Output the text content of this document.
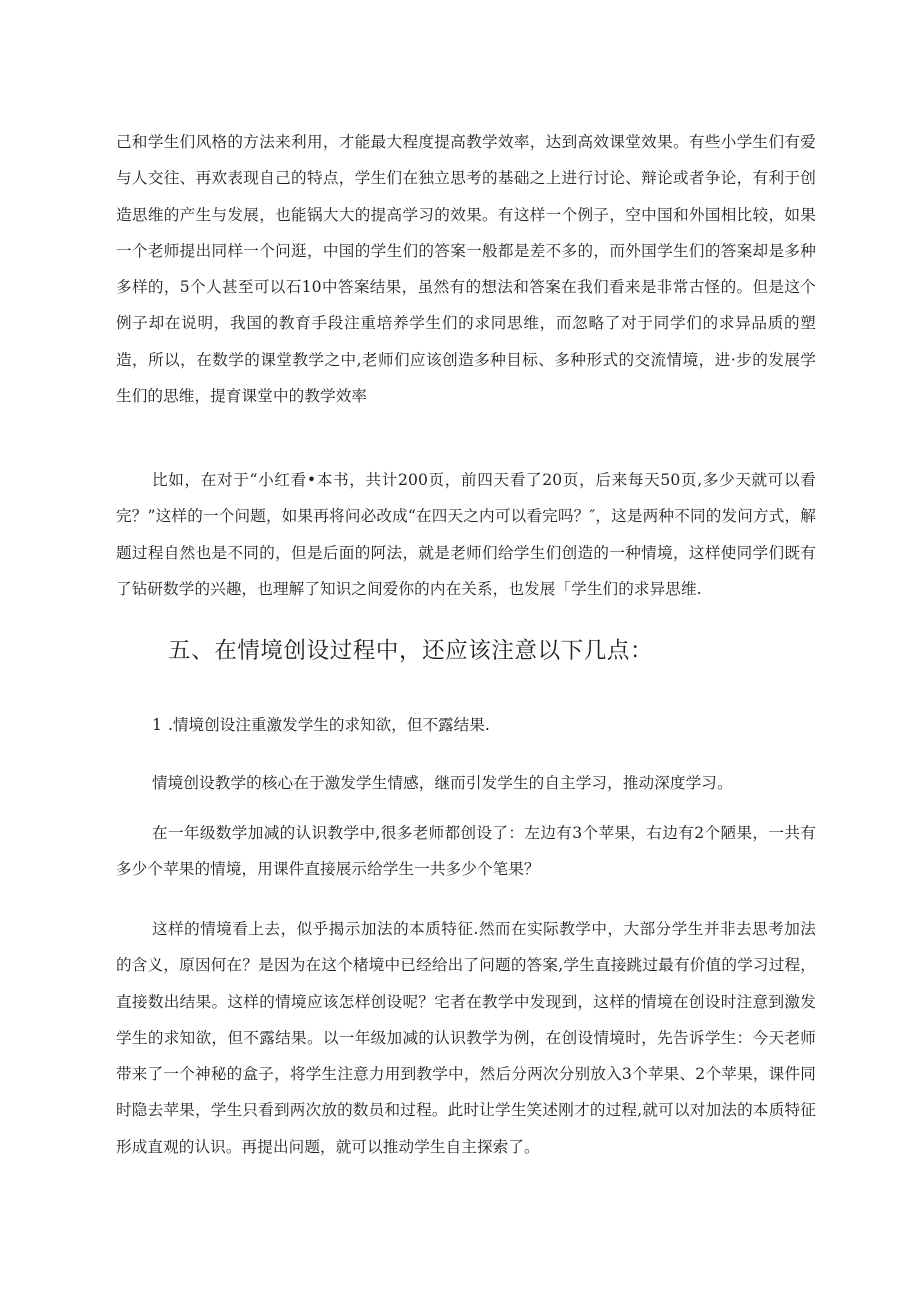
己和学生们风格的方法来利用，才能最大程度提高教学效率，达到高效课堂效果。有些小学生们有爱与人交往、再欢表现自己的特点，学生们在独立思考的基础之上进行讨论、辩论或者争论，有利于创造思维的产生与发展，也能锅大大的提高学习的效果。有这样一个例子，空中国和外国相比较，如果一个老师提出同样一个问逛，中国的学生们的答案一般都是差不多的，而外国学生们的答案却是多种多样的，5个人甚至可以石10中答案结果，虽然有的想法和答案在我们看来是非常古怪的。但是这个例子却在说明，我国的教育手段注重培养学生们的求同思维，而忽略了对于同学们的求异品质的塑造，所以，在数学的课堂教学之中,老师们应该创造多种目标、多种形式的交流情境，进·步的发展学生们的思维，提育课堂中的教学效率

比如，在对于“小红看•本书，共计200页，前四天看了20页，后来每天50页,多少天就可以看完？”这样的一个问题，如果再将问必改成“在四天之内可以看完吗？″，这是两种不同的发问方式，解题过程自然也是不同的，但是后面的阿法，就是老师们给学生们创造的一种情境，这样使同学们既有了钻研数学的兴趣，也理解了知识之间爱你的内在关系，也发展「学生们的求异思维.

五、在情境创设过程中，还应该注意以下几点：

1 .情境创设注重激发学生的求知欲，但不露结果.

情境创设教学的核心在于激发学生情感，继而引发学生的自主学习，推动深度学习。

在一年级数学加减的认识教学中,很多老师都创设了：左边有3个苹果，右边有2个陋果，一共有多少个苹果的情境，用课件直接展示给学生一共多少个笔果？

这样的情境看上去，似乎揭示加法的本质特征.然而在实际教学中，大部分学生并非去思考加法的含义，原因何在？是因为在这个楮境中已经给出了问题的答案,学生直接跳过最有价值的学习过程，直接数出结果。这样的情境应该怎样创设呢？宅者在教学中发现到，这样的情境在创设时注意到激发学生的求知欲，但不露结果。以一年级加减的认识教学为例，在创设情境时，先告诉学生：今天老师带来了一个神秘的盒子，将学生注意力用到教学中，然后分两次分别放入3个苹果、2个苹果，课件同时隐去苹果，学生只看到两次放的数员和过程。此时让学生笑述刚才的过程,就可以对加法的本质特征形成直观的认识。再提出问题，就可以推动学生自主探索了。
